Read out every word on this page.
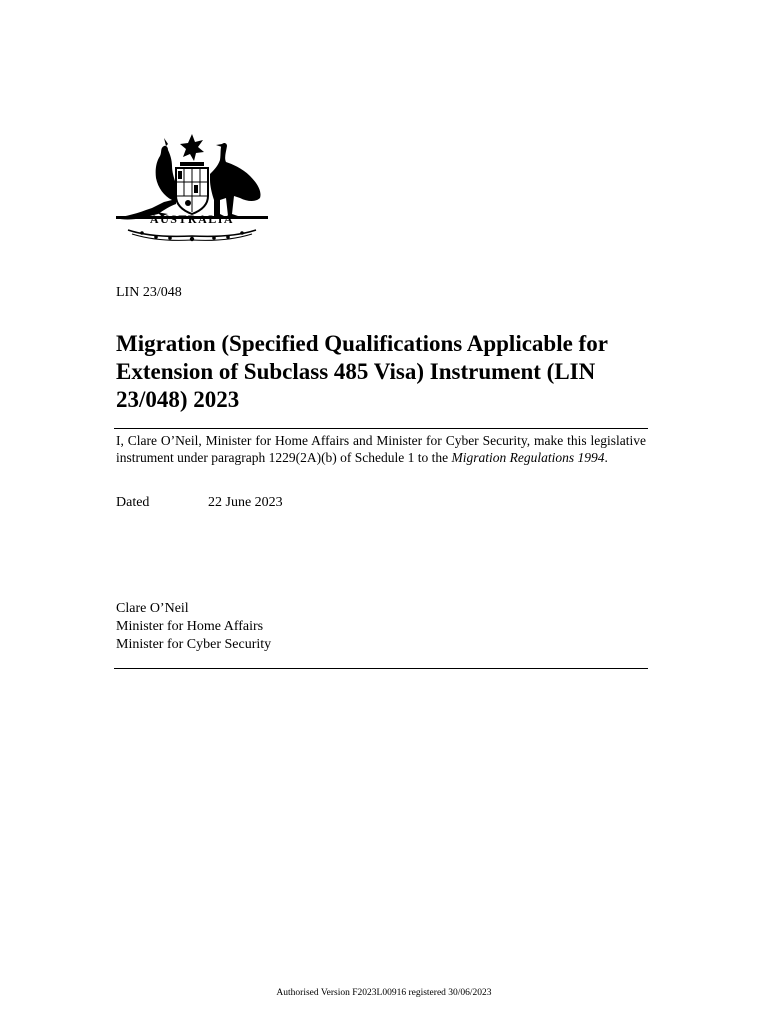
AUSTRALIA
LIN 23/048
Migration (Specified Qualifications Applicable for Extension of Subclass 485 Visa) Instrument (LIN 23/048) 2023

I, Clare O’Neil, Minister for Home Affairs and Minister for Cyber Security, make this legislative instrument under paragraph 1229(2A)(b) of Schedule 1 to the Migration Regulations 1994.

Dated	22 June 2023
Clare O’Neil
Minister for Home Affairs
Minister for Cyber Security
Authorised Version F2023L00916 registered 30/06/2023
